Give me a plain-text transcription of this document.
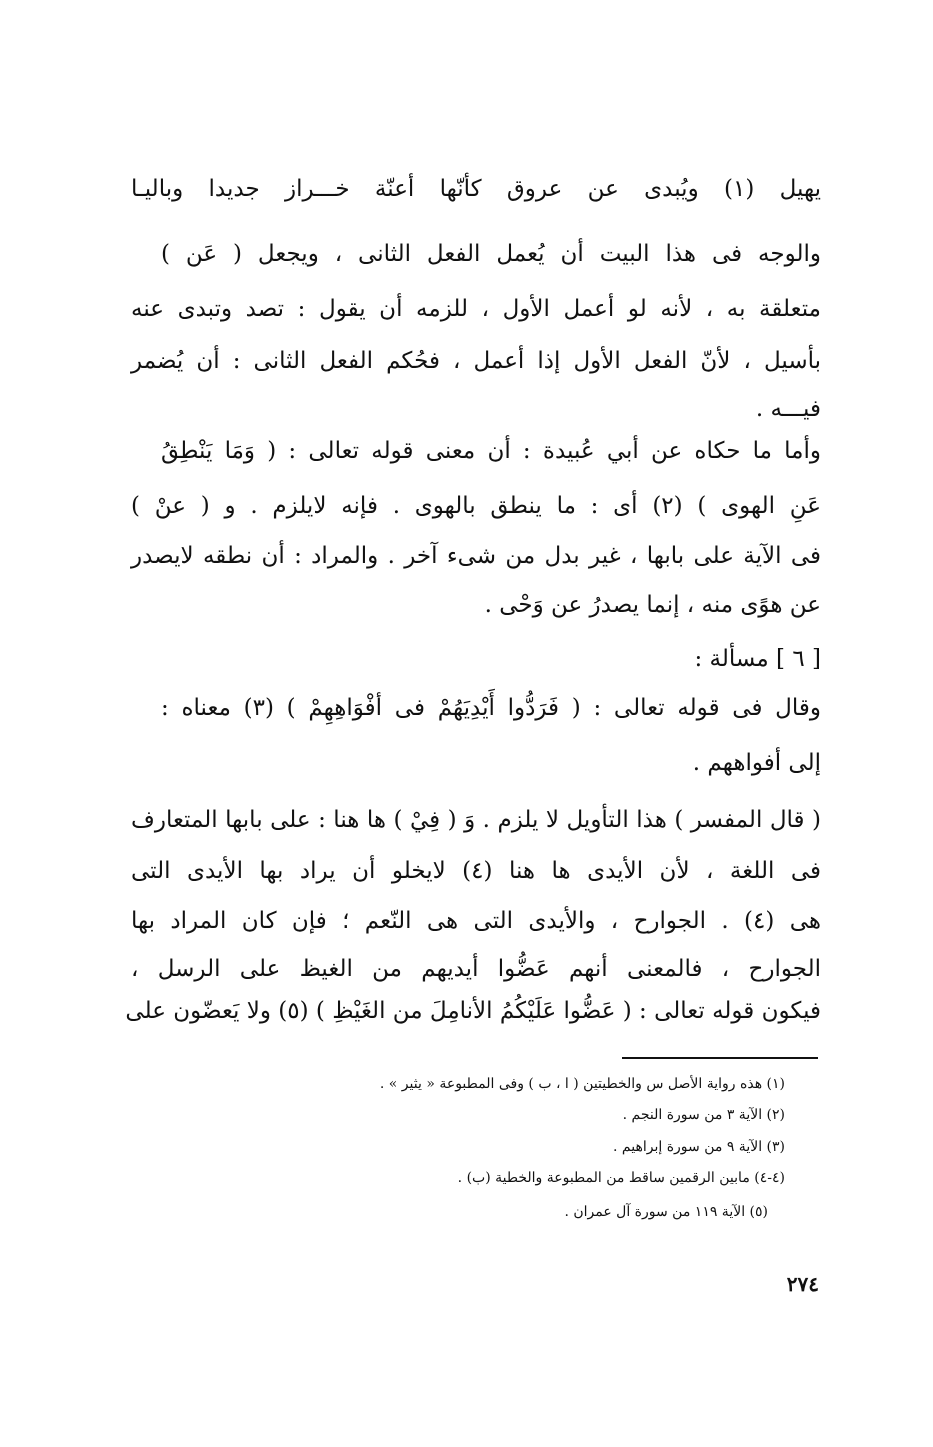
يهيل (١) ويُبدى عن عروق كأنّها أعنّة خـــراز جديدا وباليـا
والوجه فى هذا البيت أن يُعمل الفعل الثانى ، ويجعل ( عَن )
متعلقة به ، لأنه لو أعمل الأول ، للزمه أن يقول : تصد وتبدى عنه
بأسيل ، لأنّ الفعل الأول إذا أعمل ، فحُكم الفعل الثانى : أن يُضمر
فيـــه .
وأما ما حكاه عن أبي عُبيدة : أن معنى قوله تعالى : ( وَمَا يَنْطِقُ
عَنِ الهوى ) (٢) أى : ما ينطق بالهوى . فإنه لايلزم . و ( عنْ )
فى الآية على بابها ، غير بدل من شىء آخر . والمراد : أن نطقه لايصدر
عن هوًى منه ، إنما يصدرُ عن وَحْى .
[ ٦ ] مسألة :
وقال فى قوله تعالى : ( فَرَدُّوا أَيْدِيَهُمْ فى أفْوَاهِهِمْ ) (٣) معناه :
إلى أفواههم .
( قال المفسر ) هذا التأويل لا يلزم . وَ ( فِيْ ) ها هنا : على بابها المتعارف
فى اللغة ، لأن الأيدى ها هنا (٤) لايخلو أن يراد بها الأيدى التى
هى (٤) . الجوارح ، والأيدى التى هى النّعم ؛ فإن كان المراد بها
الجوارح ، فالمعنى أنهم عَضُّوا أيديهم من الغيظ على الرسل ،
فيكون قوله تعالى : ( عَضُّوا عَلَيْكُمُ الأنامِلَ من الغَيْظِ ) (٥) ولا يَعضّون على
(١) هذه رواية الأصل س والخطيتين ( ا ، ب ) وفى المطبوعة « يثير » .
(٢) الآية ٣ من سورة النجم .
(٣) الآية ٩ من سورة إبراهيم .
(٤-٤) مابين الرقمين ساقط من المطبوعة والخطية (ب) .
(٥) الآية ١١٩ من سورة آل عمران .
٢٧٤
